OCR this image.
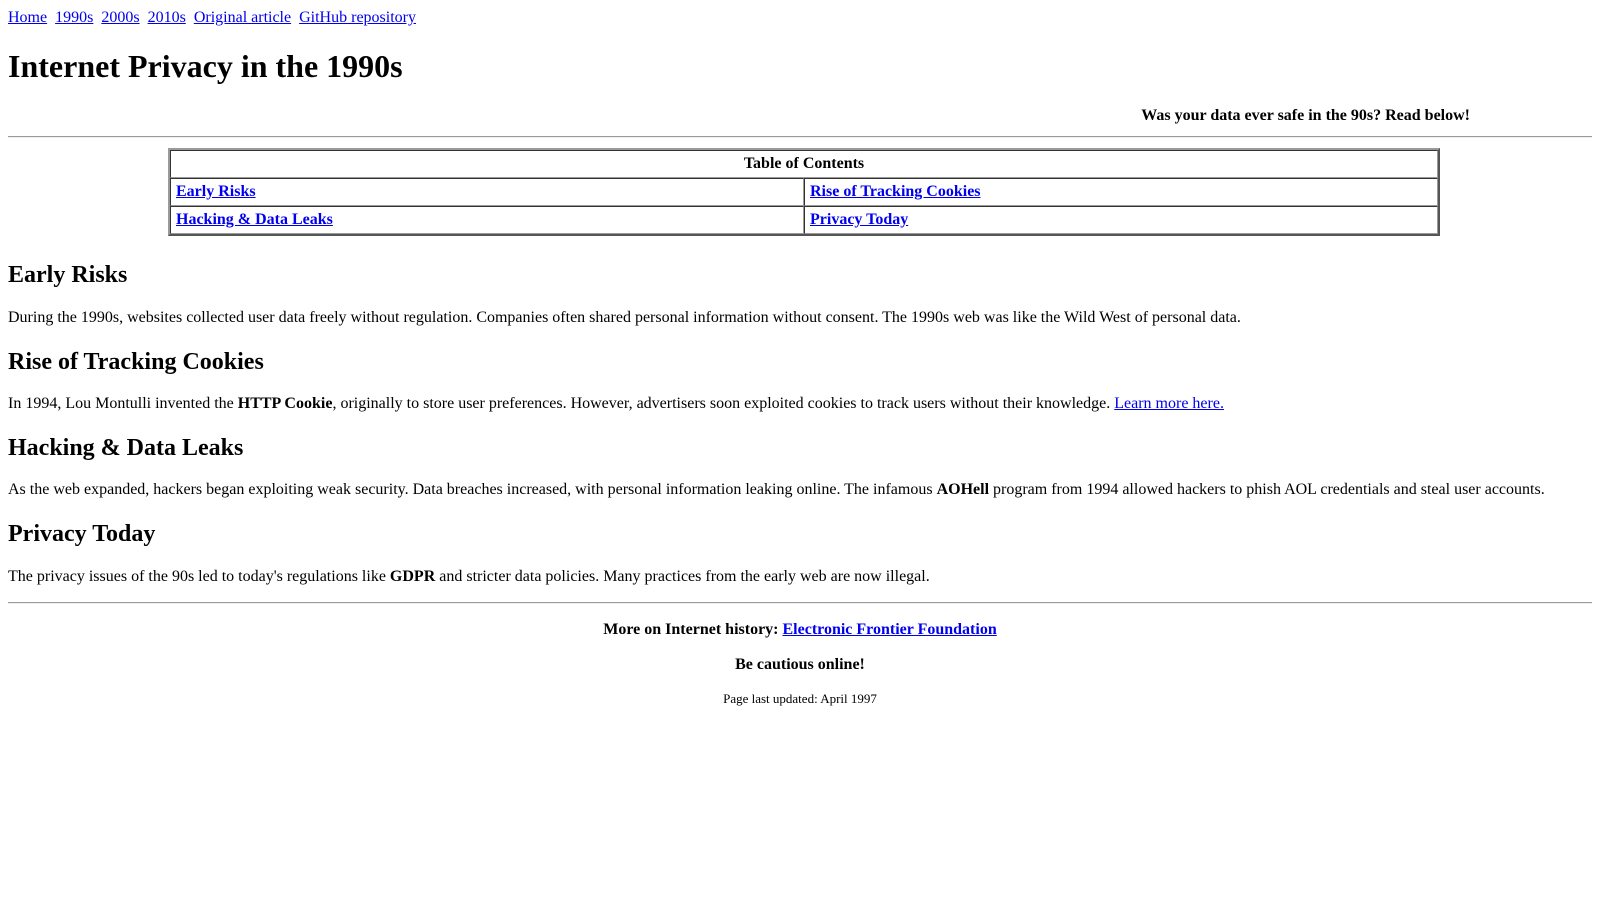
Home 1990s 2000s 2010s Original article GitHub repository
Internet Privacy in the 1990s
Was your data ever safe in the 90s? Read below!
Table of Contents	
Early Risks	Rise of Tracking Cookies
Hacking & Data Leaks	Privacy Today
Early Risks

During the 1990s, websites collected user data freely without regulation. Companies often shared personal information without consent. The 1990s web was like the Wild West of personal data.

Rise of Tracking Cookies

In 1994, Lou Montulli invented the HTTP Cookie, originally to store user preferences. However, advertisers soon exploited cookies to track users without their knowledge. Learn more here.

Hacking & Data Leaks

As the web expanded, hackers began exploiting weak security. Data breaches increased, with personal information leaking online. The infamous AOHell program from 1994 allowed hackers to phish AOL credentials and steal user accounts.

Privacy Today

The privacy issues of the 90s led to today's regulations like GDPR and stricter data policies. Many practices from the early web are now illegal.

More on Internet history: Electronic Frontier Foundation

Be cautious online!

Page last updated: April 1997
